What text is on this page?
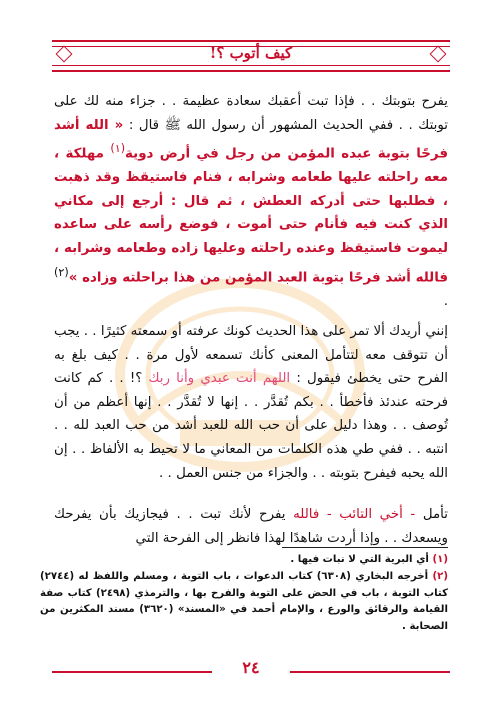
كيف أتوب ؟!

يفرح بتوبتك . . فإذا تبت أعقبك سعادة عظيمة . . جزاء منه لك على توبتك . . ففي الحديث المشهور أن رسول الله ﷺ قال : « الله أشد فرحًا بتوبة عبده المؤمن من رجل في أرض دوية$^{(١)}$ مهلكة ، معه راحلته عليها طعامه وشرابه ، فنام فاستيقظ وقد ذهبت ، فطلبها حتى أدركه العطش ، ثم قال : أرجع إلى مكاني الذي كنت فيه فأنام حتى أموت ، فوضع رأسه على ساعده ليموت فاستيقظ وعنده راحلته وعليها زاده وطعامه وشرابه ، فالله أشد فرحًا بتوبة العبد المؤمن من هذا براحلته وزاده »$^{(٢)}$ .

إنني أريدك ألا تمر على هذا الحديث كونك عرفته أو سمعته كثيرًا . . يجب أن تتوقف معه لتتأمل المعنى كأنك تسمعه لأول مرة . . كيف بلغ به الفرح حتى يخطئ فيقول : اللهم أنت عبدي وأنا ربك ؟! . . كم كانت فرحته عندئذ فأخطأ . . بكم تُقدَّر . . إنها لا تُقدَّر . . إنها أعظم من أن تُوصف . . وهذا دليل على أن حب الله للعبد أشد من حب العبد لله . . انتبه . . ففي طي هذه الكلمات من المعاني ما لا تحيط به الألفاظ . . إن الله يحبه فيفرح بتوبته . . والجزاء من جنس العمل . .

تأمل - أخي التائب - فالله يفرح لأنك تبت . . فيجازيك بأن يفرحك ويسعدك . . وإذا أردت شاهدًا لهذا فانظر إلى الفرحة التي

(١) أي البرية التي لا نبات فيها .

(٢) أخرجه البخاري (٦٣٠٨) كتاب الدعوات ، باب التوبة ، ومسلم واللفظ له (٢٧٤٤) كتاب التوبة ، باب في الحض على التوبة والفرح بها ، والترمذي (٢٤٩٨) كتاب صفة القيامة والرقائق والورع ، والإمام أحمد في «المسند» (٣٦٢٠) مسند المكثرين من الصحابة .

٢٤
